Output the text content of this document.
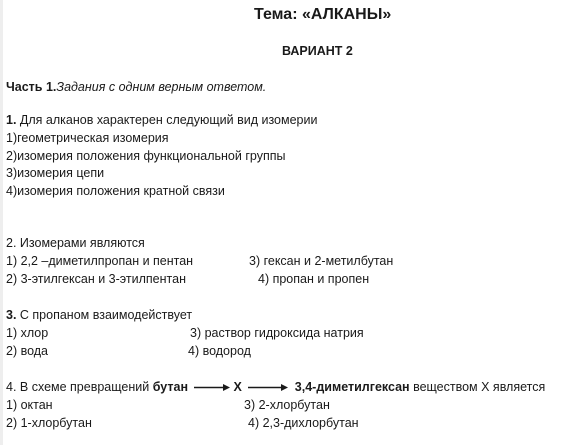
Тема: «АЛКАНЫ»
ВАРИАНТ 2
Часть 1.Задания с одним верным ответом.
1. Для алканов характерен следующий вид изомерии
1)геометрическая изомерия
2)изомерия положения функциональной группы
3)изомерия цепи
4)изомерия положения кратной связи
2. Изомерами являются
1) 2,2 –диметилпропан и пентан	3) гексан и 2-метилбутан
2) 3-этилгексан и 3-этилпентан	4) пропан и пропен
3. С пропаном взаимодействует
1) хлор	3) раствор гидроксида натрия
2) вода	4) водород
4. В схеме превращений бутан	Х	3,4-диметилгексан веществом Х является
1) октан	3) 2-хлорбутан
2) 1-хлорбутан	4) 2,3-дихлорбутан
